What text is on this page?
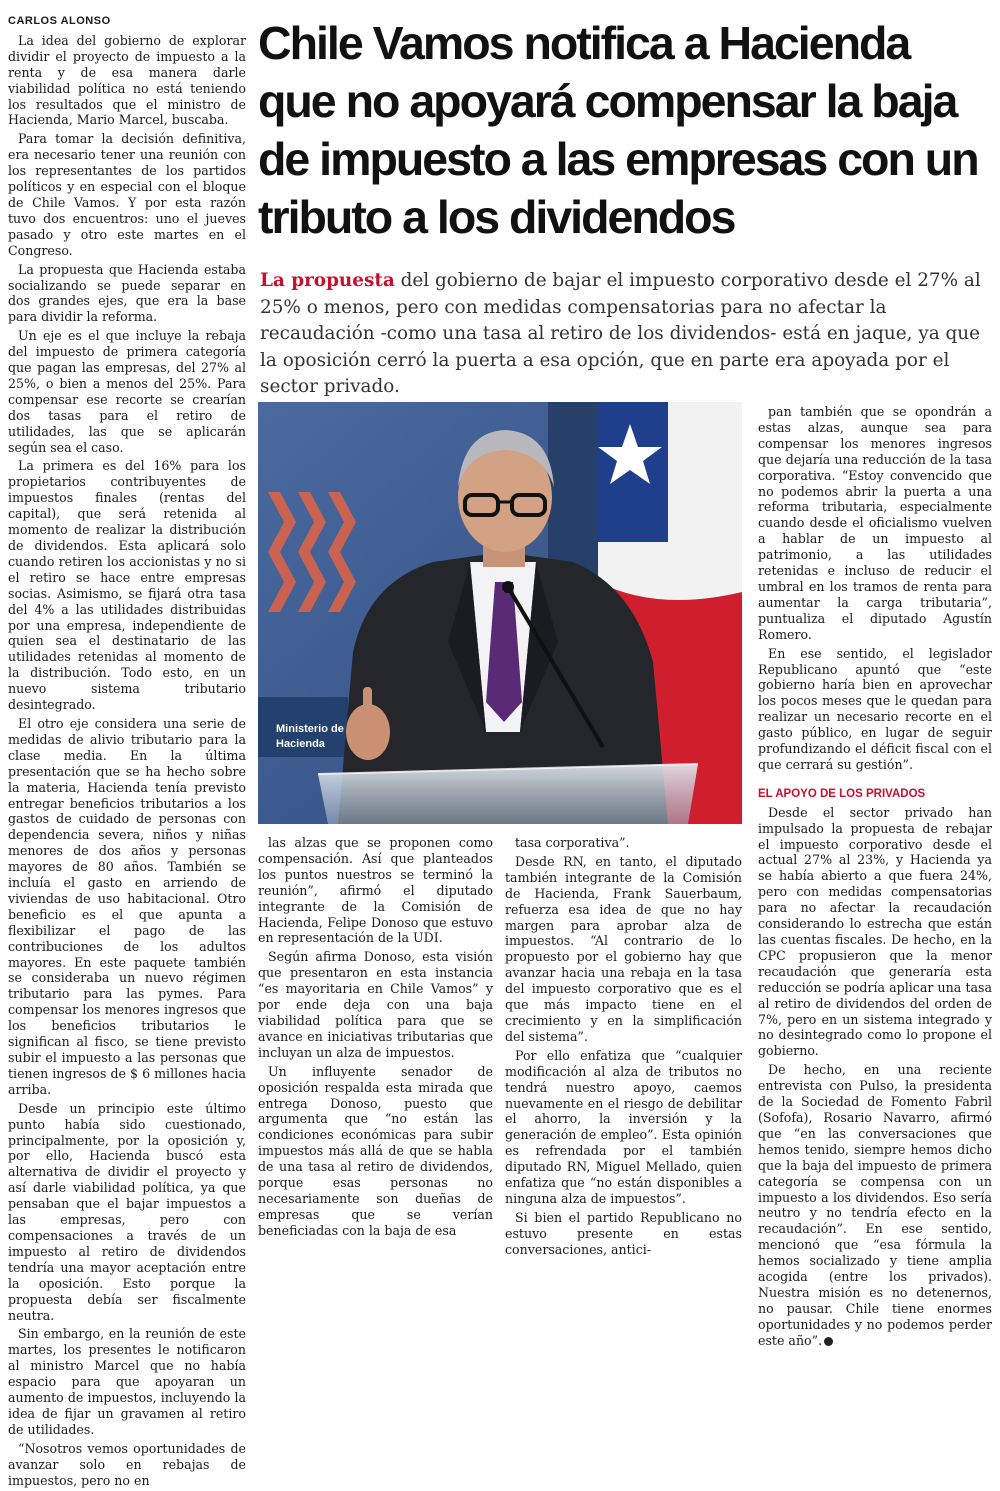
CARLOS ALONSO

La idea del gobierno de explorar dividir el proyecto de impuesto a la renta y de esa manera darle viabilidad política no está teniendo los resultados que el ministro de Hacienda, Mario Marcel, buscaba.

Para tomar la decisión definitiva, era necesario tener una reunión con los representantes de los partidos políticos y en especial con el bloque de Chile Vamos. Y por esta razón tuvo dos encuentros: uno el jueves pasado y otro este martes en el Congreso.

La propuesta que Hacienda estaba socializando se puede separar en dos grandes ejes, que era la base para dividir la reforma.

Un eje es el que incluye la rebaja del impuesto de primera categoría que pagan las empresas, del 27% al 25%, o bien a menos del 25%. Para compensar ese recorte se crearían dos tasas para el retiro de utilidades, las que se aplicarán según sea el caso.

La primera es del 16% para los propietarios contribuyentes de impuestos finales (rentas del capital), que será retenida al momento de realizar la distribución de dividendos. Esta aplicará solo cuando retiren los accionistas y no si el retiro se hace entre empresas socias. Asimismo, se fijará otra tasa del 4% a las utilidades distribuidas por una empresa, independiente de quien sea el destinatario de las utilidades retenidas al momento de la distribución. Todo esto, en un nuevo sistema tributario desintegrado.

El otro eje considera una serie de medidas de alivio tributario para la clase media. En la última presentación que se ha hecho sobre la materia, Hacienda tenía previsto entregar beneficios tributarios a los gastos de cuidado de personas con dependencia severa, niños y niñas menores de dos años y personas mayores de 80 años. También se incluía el gasto en arriendo de viviendas de uso habitacional. Otro beneficio es el que apunta a flexibilizar el pago de las contribuciones de los adultos mayores. En este paquete también se consideraba un nuevo régimen tributario para las pymes. Para compensar los menores ingresos que los beneficios tributarios le significan al fisco, se tiene previsto subir el impuesto a las personas que tienen ingresos de $ 6 millones hacia arriba.

Desde un principio este último punto había sido cuestionado, principalmente, por la oposición y, por ello, Hacienda buscó esta alternativa de dividir el proyecto y así darle viabilidad política, ya que pensaban que el bajar impuestos a las empresas, pero con compensaciones a través de un impuesto al retiro de dividendos tendría una mayor aceptación entre la oposición. Esto porque la propuesta debía ser fiscalmente neutra.

Sin embargo, en la reunión de este martes, los presentes le notificaron al ministro Marcel que no había espacio para que apoyaran un aumento de impuestos, incluyendo la idea de fijar un gravamen al retiro de utilidades.

“Nosotros vemos oportunidades de avanzar solo en rebajas de impuestos, pero no en

Chile Vamos notifica a Hacienda que no apoyará compensar la baja de impuesto a las empresas con un tributo a los dividendos

La propuesta del gobierno de bajar el impuesto corporativo desde el 27% al 25% o menos, pero con medidas compensatorias para no afectar la recaudación -como una tasa al retiro de los dividendos- está en jaque, ya que la oposición cerró la puerta a esa opción, que en parte era apoyada por el sector privado.

Ministerio de
Hacienda

las alzas que se proponen como compensación. Así que planteados los puntos nuestros se terminó la reunión”, afirmó el diputado integrante de la Comisión de Hacienda, Felipe Donoso que estuvo en representación de la UDI.

Según afirma Donoso, esta visión que presentaron en esta instancia “es mayoritaria en Chile Vamos” y por ende deja con una baja viabilidad política para que se avance en iniciativas tributarias que incluyan un alza de impuestos.

Un influyente senador de oposición respalda esta mirada que entrega Donoso, puesto que argumenta que “no están las condiciones económicas para subir impuestos más allá de que se habla de una tasa al retiro de dividendos, porque esas personas no necesariamente son dueñas de empresas que se verían beneficiadas con la baja de esa

tasa corporativa”.

Desde RN, en tanto, el diputado también integrante de la Comisión de Hacienda, Frank Sauerbaum, refuerza esa idea de que no hay margen para aprobar alza de impuestos. “Al contrario de lo propuesto por el gobierno hay que avanzar hacia una rebaja en la tasa del impuesto corporativo que es el que más impacto tiene en el crecimiento y en la simplificación del sistema”.

Por ello enfatiza que “cualquier modificación al alza de tributos no tendrá nuestro apoyo, caemos nuevamente en el riesgo de debilitar el ahorro, la inversión y la generación de empleo”. Esta opinión es refrendada por el también diputado RN, Miguel Mellado, quien enfatiza que “no están disponibles a ninguna alza de impuestos”.

Si bien el partido Republicano no estuvo presente en estas conversaciones, antici-

pan también que se opondrán a estas alzas, aunque sea para compensar los menores ingresos que dejaría una reducción de la tasa corporativa. “Estoy convencido que no podemos abrir la puerta a una reforma tributaria, especialmente cuando desde el oficialismo vuelven a hablar de un impuesto al patrimonio, a las utilidades retenidas e incluso de reducir el umbral en los tramos de renta para aumentar la carga tributaria”, puntualiza el diputado Agustín Romero.

En ese sentido, el legislador Republicano apuntó que “este gobierno haría bien en aprovechar los pocos meses que le quedan para realizar un necesario recorte en el gasto público, en lugar de seguir profundizando el déficit fiscal con el que cerrará su gestión”.

EL APOYO DE LOS PRIVADOS

Desde el sector privado han impulsado la propuesta de rebajar el impuesto corporativo desde el actual 27% al 23%, y Hacienda ya se había abierto a que fuera 24%, pero con medidas compensatorias para no afectar la recaudación considerando lo estrecha que están las cuentas fiscales. De hecho, en la CPC propusieron que la menor recaudación que generaría esta reducción se podría aplicar una tasa al retiro de dividendos del orden de 7%, pero en un sistema integrado y no desintegrado como lo propone el gobierno.

De hecho, en una reciente entrevista con Pulso, la presidenta de la Sociedad de Fomento Fabril (Sofofa), Rosario Navarro, afirmó que “en las conversaciones que hemos tenido, siempre hemos dicho que la baja del impuesto de primera categoría se compensa con un impuesto a los dividendos. Eso sería neutro y no tendría efecto en la recaudación”. En ese sentido, mencionó que “esa fórmula la hemos socializado y tiene amplia acogida (entre los privados). Nuestra misión es no detenernos, no pausar. Chile tiene enormes oportunidades y no podemos perder este año”.
